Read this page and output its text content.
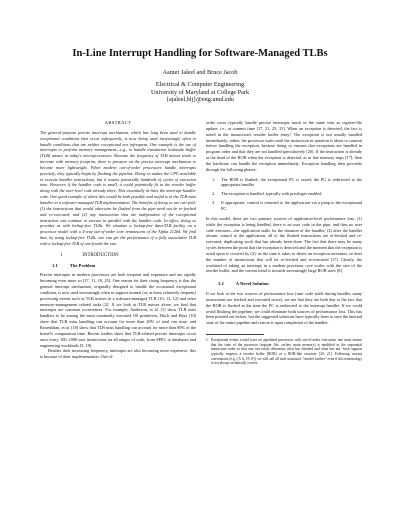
In-Line Interrupt Handling for Software-Managed TLBs
Aamer Jaleel and Bruce Jacob
Electrical & Computer Engineering
University of Maryland at College Park
{ajaleel,blj}@eng.umd.edu
ABSTRACT

The general-purpose precise interrupt mechanism, which has long been used to handle exceptional conditions that occur infrequently, is now being used increasingly often to handle conditions that are neither exceptional nor infrequent. One example is the use of interrupts to perform memory management—e.g., to handle translation lookaside buffer (TLB) misses in today's microprocessors. Because the frequency of TLB misses tends to increase with memory footprint, there is pressure on the precise interrupt mechanism to become more lightweight. When modern out-of-order processors handle interrupts precisely, they typically begin by flushing the pipeline. Doing so makes the CPU available to execute handler instructions, but it wastes potentially hundreds of cycles of execution time. However, if the handler code is small, it could potentially fit in the reorder buffer along with the user-level code already there. This essentially in-lines the interrupt-handler code. One good example of where this would be both possible and useful is in the TLB-miss handler in a software-managed TLB implementation. The benefits of doing so are two-fold: (1) the instructions that would otherwise be flushed from the pipe need not be re-fetched and re-executed; and (2) any instructions that are independent of the exceptional instruction can continue to execute in parallel with the handler code. In effect, doing so provides us with lockup-free TLBs. We simulate a lockup-free data-TLB facility on a processor model with a 4-way out-of-order core reminiscent of the Alpha 21264. We find that, by using lockup-free TLBs, one can get the performance of a fully associative TLB with a lockup-free TLB of one-fourth the size.

1	INTRODUCTION
1.1	The Problem

Precise interrupts in modern processors are both frequent and expensive and are rapidly becoming even more so [17, 11, 18, 25]. One reason for their rising frequency is that the general interrupt mechanism, originally designed to handle the occasional exceptional condition, is now used increasingly often to support normal (or, at least, relatively frequent) processing events such as TLB misses in a software-managed TLB [10, 13, 12] and other memory-management related tasks [2]. If we look at TLB misses alone, we find that interrupts are common occurrences. For example, Anderson, et al. [1] show TLB miss handlers to be among the most commonly executed OS primitives; Huck and Hays [10] show that TLB miss handling can account for more than 40% of total run time; and Rosenblum, et al. [18] show that TLB miss handling can account for more than 80% of the kernel's computation time. Recent studies show that TLB-related precise interrupts occur once every 100–1000 user instructions on all ranges of code, from SPEC to databases and engineering workloads [5, 18].

Besides their increasing frequency, interrupts are also becoming more expensive; this is because of their implementation. Out-of-

order cores typically handle precise interrupts much in the same vein as register-file update: i.e., at commit time [17, 21, 25, 15]. When an exception is detected, the fact is noted in the instruction's reorder buffer entry.¹ The exception is not usually handled immediately; rather, the processor waits until the instruction in question is about to commit before handling the exception, because doing so ensures that exceptions are handled in program order and that they are not handled speculatively [20]. If the instruction is already at the head of the ROB when the exception is detected, as in late memory traps [17], then the hardware can handle the exception immediately. Exception handling then proceeds through the following phases:

1.	The ROB is flushed; the exceptional PC is saved; the PC is redirected to the appropriate handler
2.	The exception is handled, typically with privileges enabled
3.	If appropriate, control is returned to the application via a jump to the exceptional PC.

In this model, there are two primary sources of application-level performance loss: (1) while the exception is being handled, there is no user code in the pipe, and thus no user code executes—the application stalls for the duration of the handler; (2) after the handler returns control to the application, all of the flushed instructions are re-fetched and re-executed, duplicating work that has already been done. The fact that there may be many cycles between the point that the exception is detected and the moment that the exception is acted upon is covered by (2): as the time it takes to detect an exception increases, so does the number of instructions that will be re-fetched and re-executed [17]. Clearly, the overhead of taking an interrupt in a modern processor core scales with the size of the reorder buffer, and the current trend is towards increasingly large ROB sizes [8].

1.2	A Novel Solution

If we look at the two sources of performance loss (user code stalls during handler, many instructions are fetched and executed twice), we see that they are both due to the fact that the ROB is flushed at the time the PC is redirected to the interrupt handler. If we could avoid flushing the pipeline, we could eliminate both sources of performance loss. This has been pointed out before, but the suggested solutions have typically been to save the internal state of the entire pipeline and restore it upon completion of the handler.

1. Exceptional events would have no pipelined processors with out-of-order execution; one must ensure that the state of the processor (register file, caches, main memory) is modified in the sequential instruction order so that one can easily determine what has finished and what has not. Such support typically requires a reorder buffer (ROB) or a ROB-like structure [20, 21]. Following current conventions (e.g., [5, 6, 19, 8]), we will call all such structures "reorder buffers" even if this terminology is not always technically correct.
